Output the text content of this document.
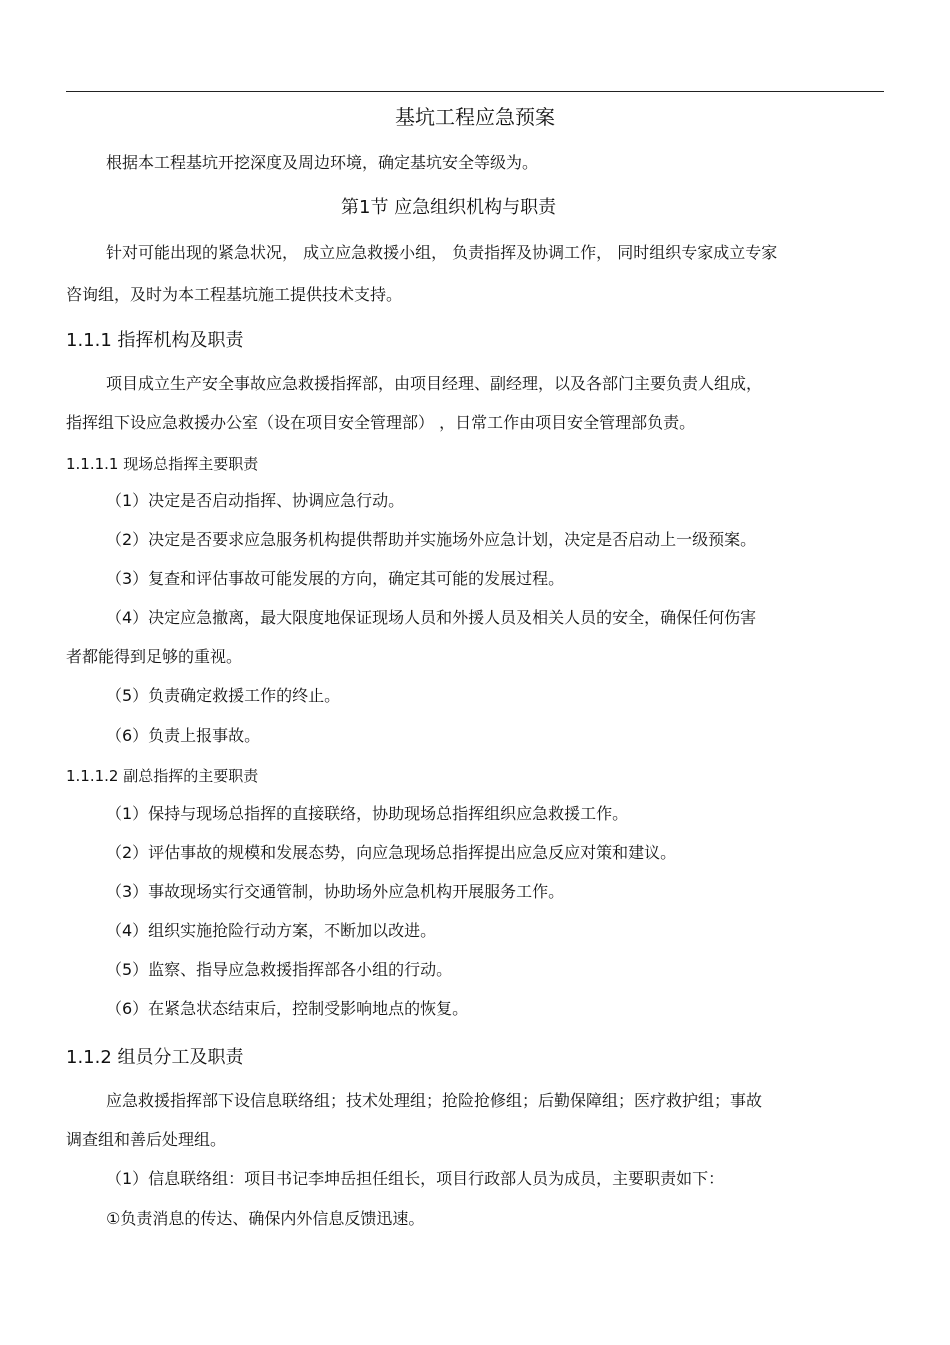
基坑工程应急预案
根据本工程基坑开挖深度及周边环境，确定基坑安全等级为。
第1节 应急组织机构与职责
针对可能出现的紧急状况， 成立应急救援小组， 负责指挥及协调工作， 同时组织专家成立专家
咨询组，及时为本工程基坑施工提供技术支持。
1.1.1 指挥机构及职责
项目成立生产安全事故应急救援指挥部，由项目经理、副经理，以及各部门主要负责人组成，
指挥组下设应急救援办公室（设在项目安全管理部） ，日常工作由项目安全管理部负责。
1.1.1.1 现场总指挥主要职责
（1）决定是否启动指挥、协调应急行动。
（2）决定是否要求应急服务机构提供帮助并实施场外应急计划，决定是否启动上一级预案。
（3）复查和评估事故可能发展的方向，确定其可能的发展过程。
（4）决定应急撤离，最大限度地保证现场人员和外援人员及相关人员的安全，确保任何伤害
者都能得到足够的重视。
（5）负责确定救援工作的终止。
（6）负责上报事故。
1.1.1.2 副总指挥的主要职责
（1）保持与现场总指挥的直接联络，协助现场总指挥组织应急救援工作。
（2）评估事故的规模和发展态势，向应急现场总指挥提出应急反应对策和建议。
（3）事故现场实行交通管制，协助场外应急机构开展服务工作。
（4）组织实施抢险行动方案，不断加以改进。
（5）监察、指导应急救援指挥部各小组的行动。
（6）在紧急状态结束后，控制受影响地点的恢复。
1.1.2 组员分工及职责
应急救援指挥部下设信息联络组；技术处理组；抢险抢修组；后勤保障组；医疗救护组；事故
调查组和善后处理组。
（1）信息联络组：项目书记李坤岳担任组长，项目行政部人员为成员，主要职责如下：
①负责消息的传达、确保内外信息反馈迅速。
